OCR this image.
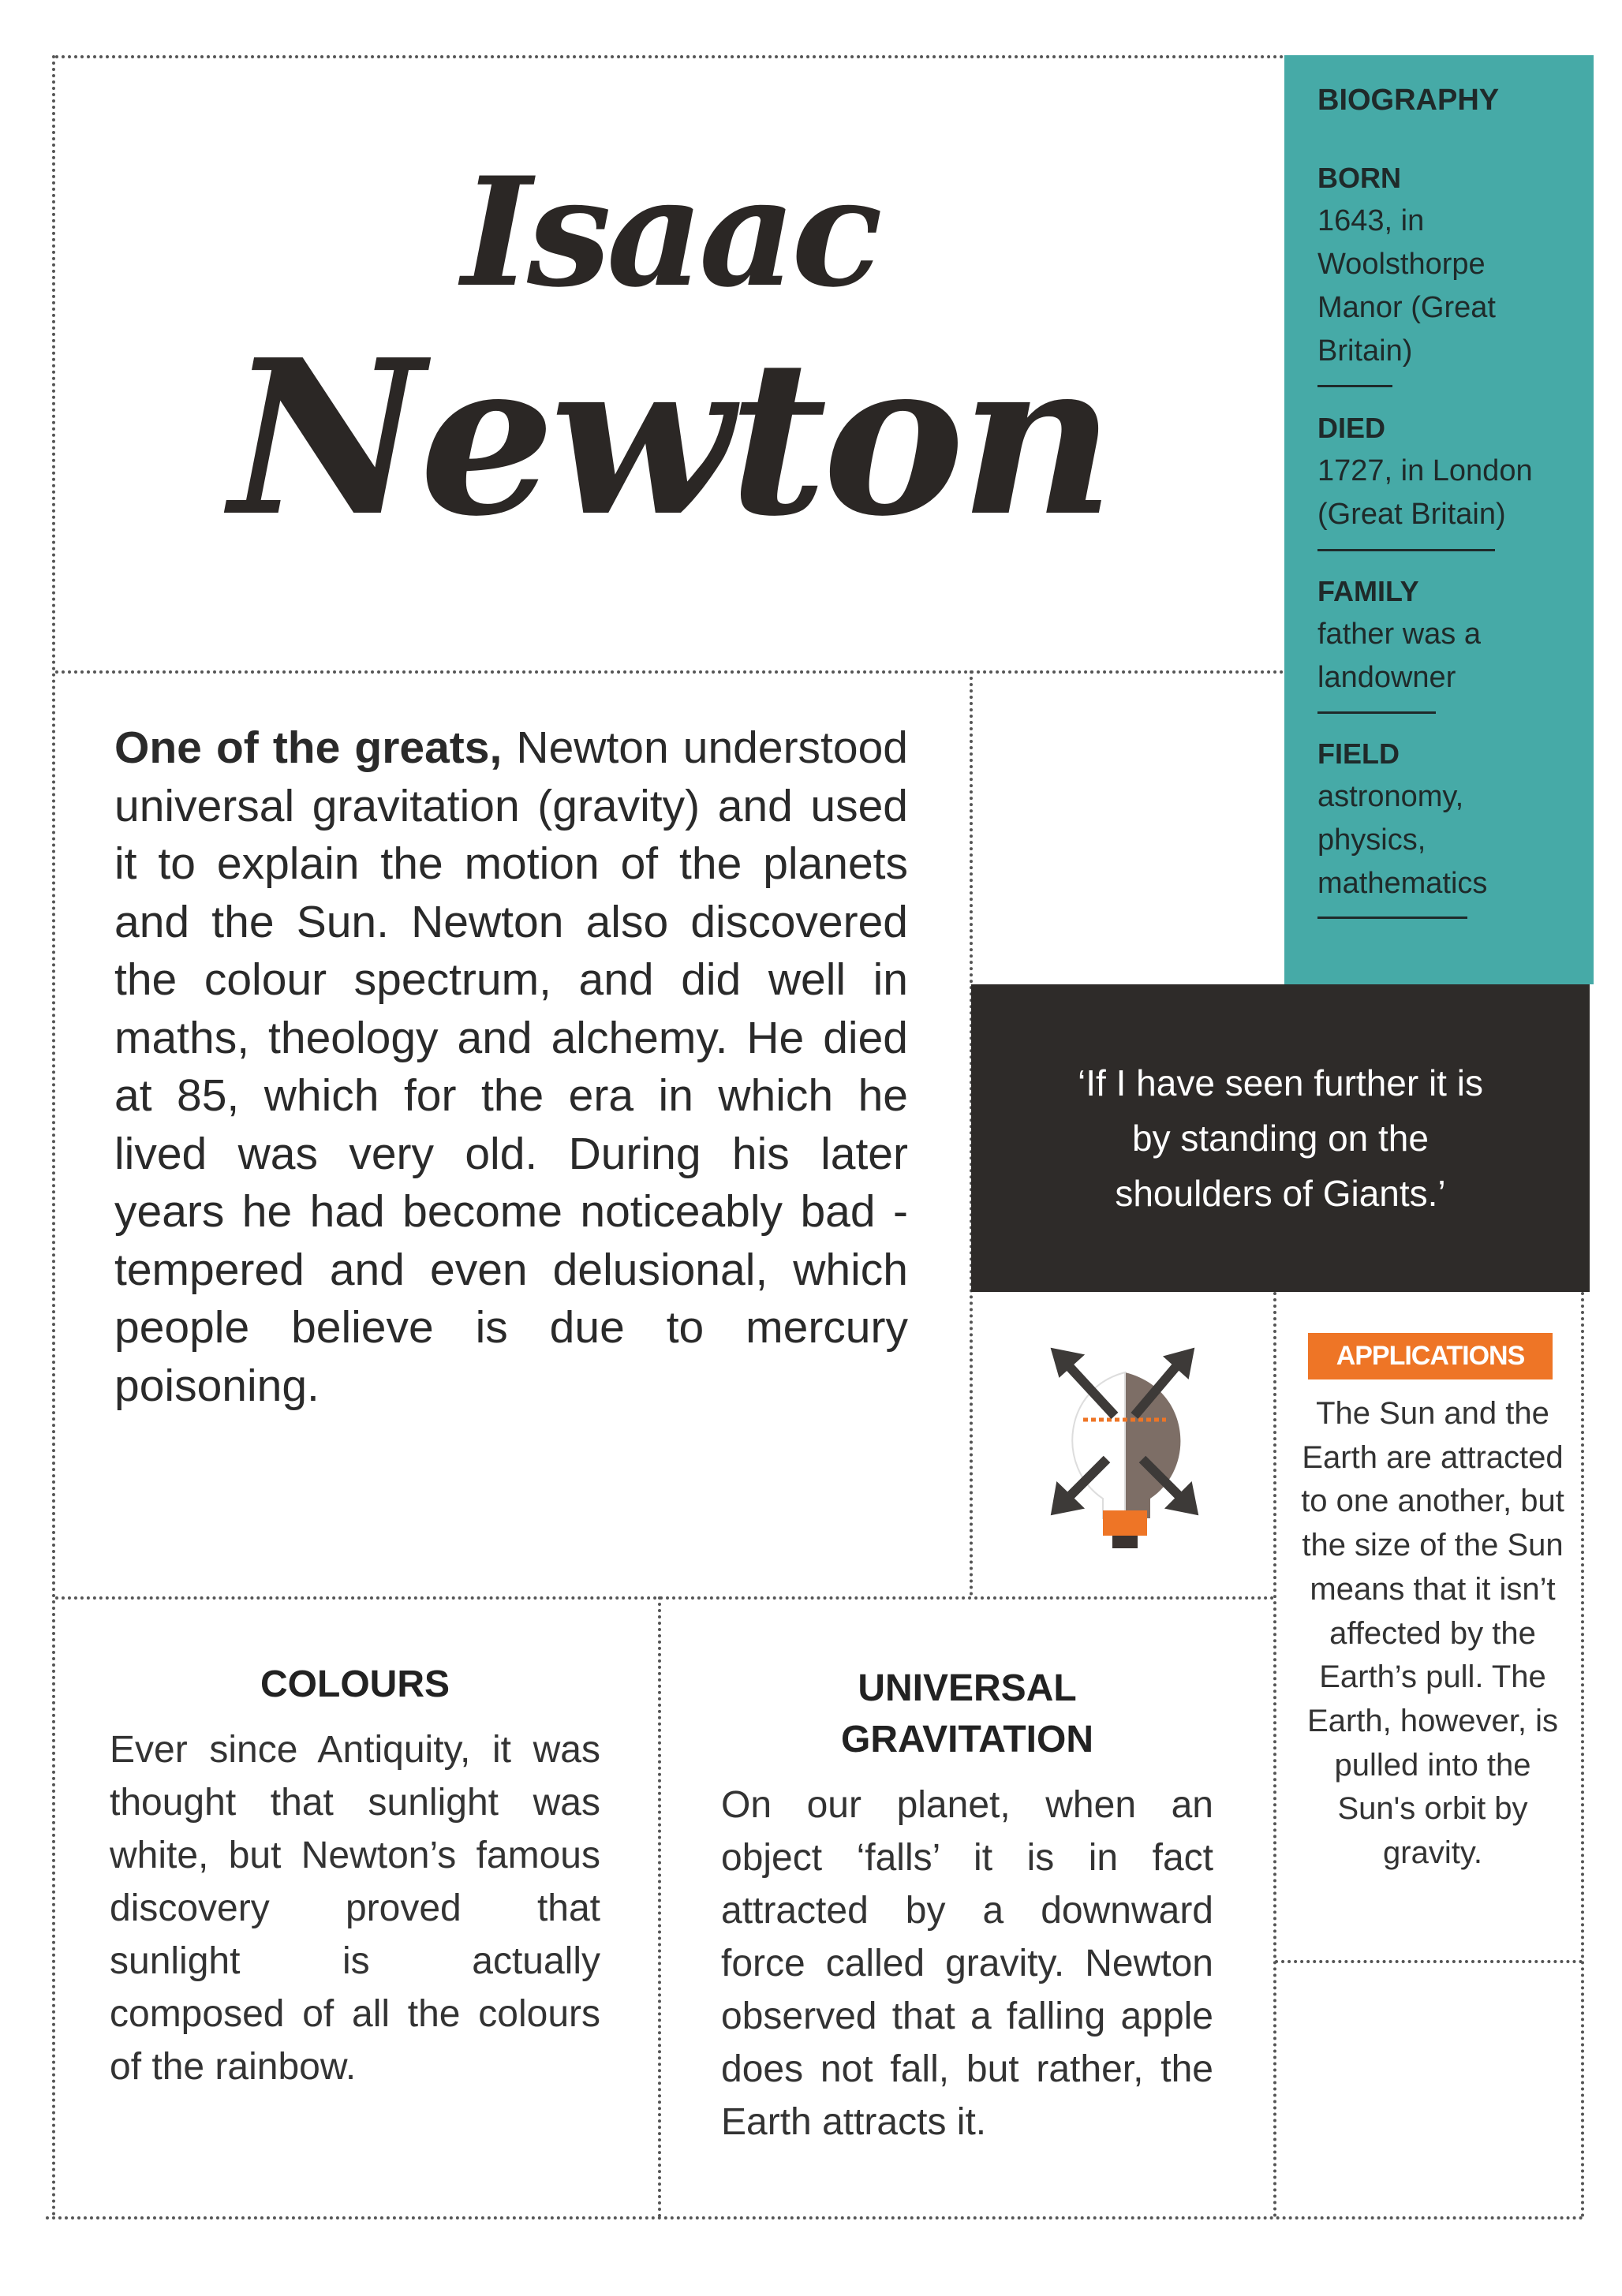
Isaac
Newton
BIOGRAPHY
BORN
1643, in
Woolsthorpe
Manor (Great
Britain)
DIED
1727, in London
(Great Britain)
FAMILY
father was a
landowner
FIELD
astronomy,
physics,
mathematics
One of the greats, Newton understood universal gravitation (gravity) and used it to explain the motion of the planets and the Sun. Newton also discovered the colour spectrum, and did well in maths, theology and alchemy. He died at 85, which for the era in which he lived was very old. During his later years he had become noticeably bad -tempered and even delusional, which people believe is due to mercury poisoning.
‘If I have seen further it is by standing on the shoulders of Giants.’
APPLICATIONS
The Sun and the Earth are attracted to one another, but the size of the Sun means that it isn’t affected by the Earth’s pull. The Earth, however, is pulled into the Sun's orbit by gravity.
COLOURS
Ever since Antiquity, it was thought that sunlight was white, but Newton’s famous discovery proved that sunlight is actually composed of all the colours of the rainbow.
UNIVERSAL
GRAVITATION
On our planet, when an object ‘falls’ it is in fact attracted by a downward force called gravity. Newton observed that a falling apple does not fall, but rather, the Earth attracts it.
